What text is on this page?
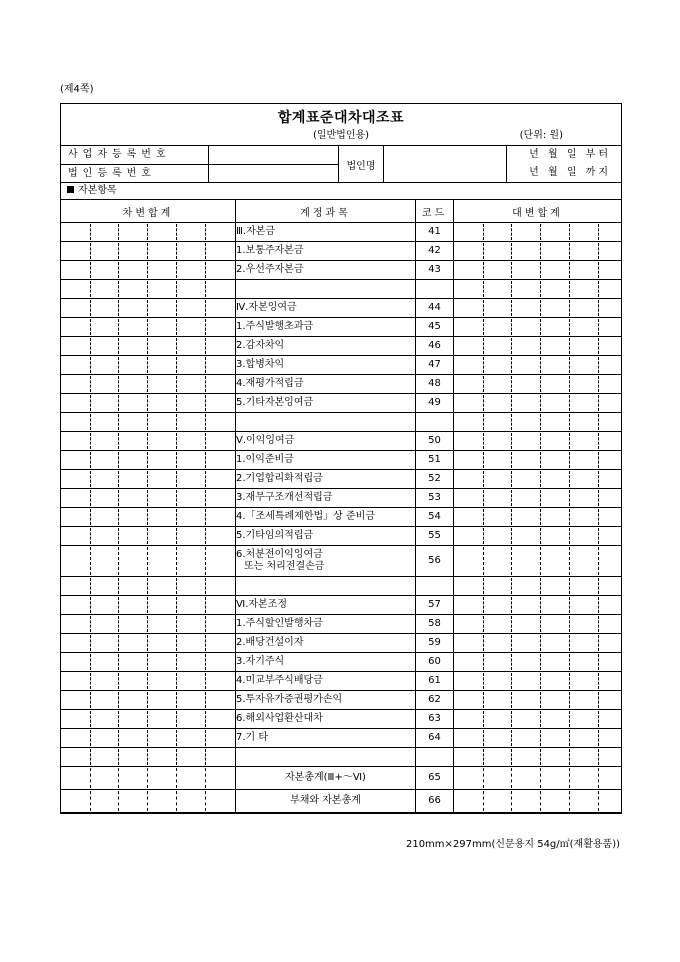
(제4쪽)
합계표준대차대조표
(일반법인용)	(단위: 원)
사업자등록번호
법인등록번호
법인명
년 월 일 부터
년 월 일 까지
자본항목
차변합계	계정과목	코드	대변합계

	Ⅲ.자본금	41	

	1.보통주자본금	42	

	2.우선주자본금	43	

	Ⅳ.자본잉여금	44	

	1.주식발행초과금	45	

	2.감자차익	46	

	3.합병차익	47	

	4.재평가적립금	48	

	5.기타자본잉여금	49	

	Ⅴ.이익잉여금	50	

	1.이익준비금	51	

	2.기업합리화적립금	52	

	3.재무구조개선적립금	53	

	4.「조세특례제한법」상 준비금	54	

	5.기타임의적립금	55	

	6.처분전이익잉여금
또는 처리전결손금	56	

	Ⅵ.자본조정	57	

	1.주식할인발행차금	58	

	2.배당건설이자	59	

	3.자기주식	60	

	4.미교부주식배당금	61	

	5.투자유가증권평가손익	62	

	6.해외사업환산대차	63	

	7.기 타	64	

	자본총계(Ⅲ+～Ⅵ)	65	

	부채와 자본총계	66	
210mm×297mm(신문용지 54g/㎡(재활용품))
